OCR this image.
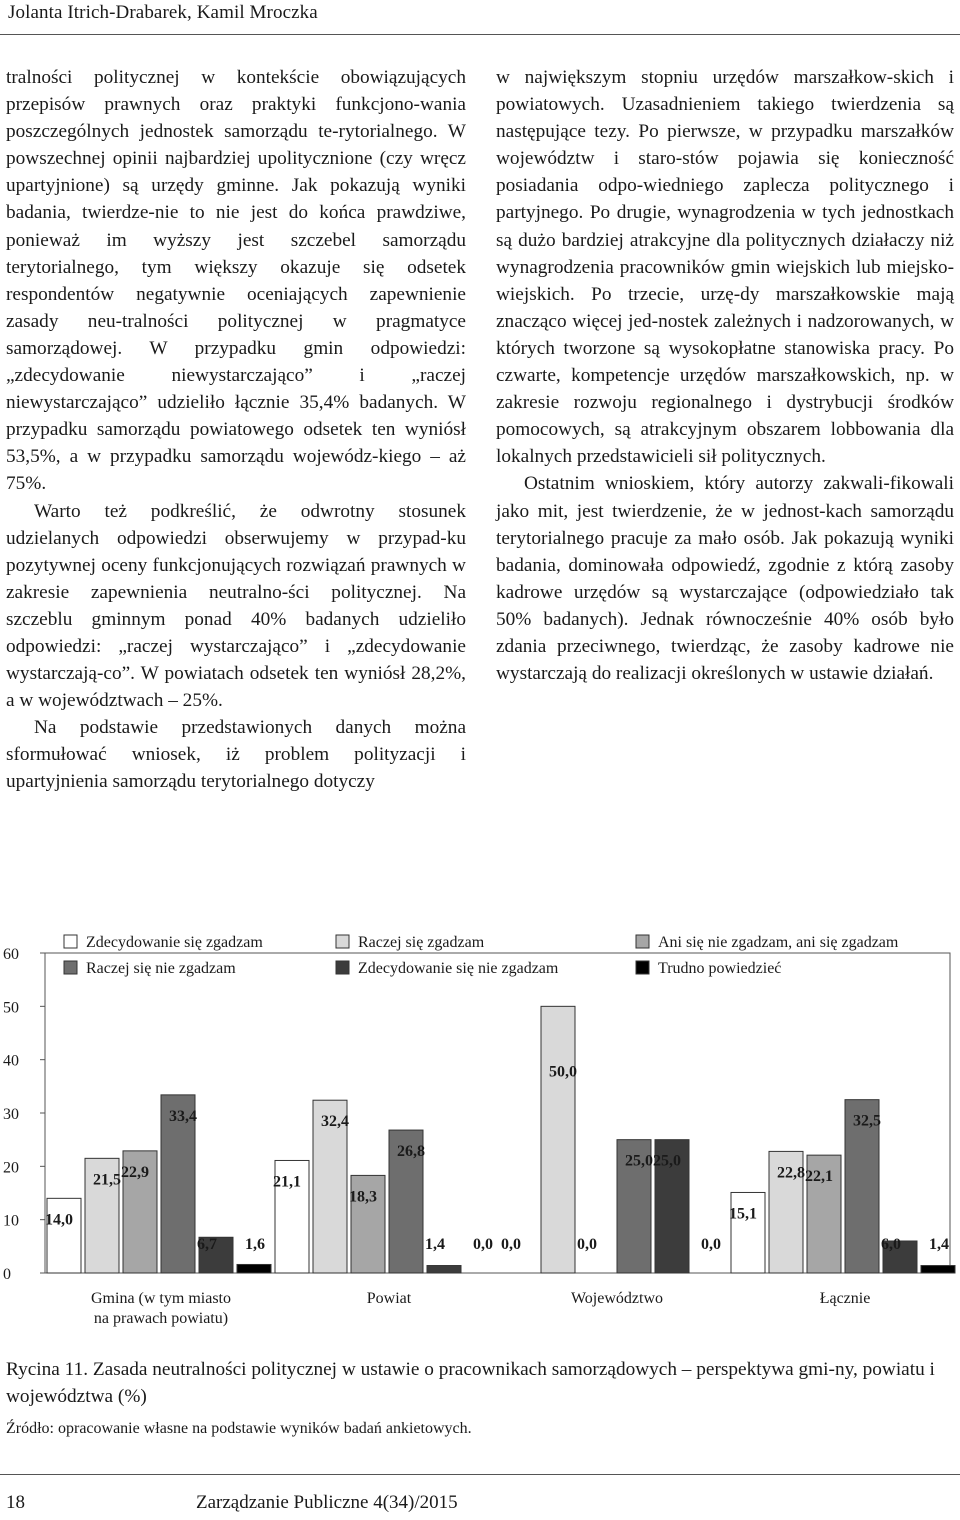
Jolanta Itrich-Drabarek, Kamil Mroczka

tralności politycznej w kontekście obowiązujących przepisów prawnych oraz praktyki funkcjono-wania poszczególnych jednostek samorządu te-rytorialnego. W powszechnej opinii najbardziej upolitycznione (czy wręcz upartyjnione) są urzędy gminne. Jak pokazują wyniki badania, twierdze-nie to nie jest do końca prawdziwe, ponieważ im wyższy jest szczebel samorządu terytorialnego, tym większy okazuje się odsetek respondentów negatywnie oceniających zapewnienie zasady neu-tralności politycznej w pragmatyce samorządowej. W przypadku gmin odpowiedzi: „zdecydowanie niewystarczająco” i „raczej niewystarczająco” udzieliło łącznie 35,4% badanych. W przypadku samorządu powiatowego odsetek ten wyniósł 53,5%, a w przypadku samorządu wojewódz-kiego – aż 75%.

Warto też podkreślić, że odwrotny stosunek udzielanych odpowiedzi obserwujemy w przypad-ku pozytywnej oceny funkcjonujących rozwiązań prawnych w zakresie zapewnienia neutralno-ści politycznej. Na szczeblu gminnym ponad 40% badanych udzieliło odpowiedzi: „raczej wystarczająco” i „zdecydowanie wystarczają-co”. W powiatach odsetek ten wyniósł 28,2%, a w województwach – 25%.

Na podstawie przedstawionych danych można sformułować wniosek, iż problem polityzacji i upartyjnienia samorządu terytorialnego dotyczy

w największym stopniu urzędów marszałkow-skich i powiatowych. Uzasadnieniem takiego twierdzenia są następujące tezy. Po pierwsze, w przypadku marszałków województw i staro-stów pojawia się konieczność posiadania odpo-wiedniego zaplecza politycznego i partyjnego. Po drugie, wynagrodzenia w tych jednostkach są dużo bardziej atrakcyjne dla politycznych działaczy niż wynagrodzenia pracowników gmin wiejskich lub miejsko-wiejskich. Po trzecie, urzę-dy marszałkowskie mają znacząco więcej jed-nostek zależnych i nadzorowanych, w których tworzone są wysokopłatne stanowiska pracy. Po czwarte, kompetencje urzędów marszałkowskich, np. w zakresie rozwoju regionalnego i dystrybucji środków pomocowych, są atrakcyjnym obszarem lobbowania dla lokalnych przedstawicieli sił politycznych.

Ostatnim wnioskiem, który autorzy zakwali-fikowali jako mit, jest twierdzenie, że w jednost-kach samorządu terytorialnego pracuje za mało osób. Jak pokazują wyniki badania, dominowała odpowiedź, zgodnie z którą zasoby kadrowe urzędów są wystarczające (odpowiedziało tak 50% badanych). Jednak równocześnie 40% osób było zdania przeciwnego, twierdząc, że zasoby kadrowe nie wystarczają do realizacji określonych w ustawie działań.

0
10
20
30
40
50
60
14,0
21,5 22,9
33,4
6,7 1,6
Gmina (w tym miasto
na prawach powiatu)
21,1
32,4
18,3
26,8
1,4 0,0
Powiat
0,0
50,0
0,0
25,0 25,0
0,0
Województwo
15,1
22,8 22,1
32,5
6,0 1,4
Łącznie
Zdecydowanie się zgadzam	Raczej się zgadzam	Ani się nie zgadzam, ani się zgadzam
Raczej się nie zgadzam	Zdecydowanie się nie zgadzam	Trudno powiedzieć
Rycina 11. Zasada neutralności politycznej w ustawie o pracownikach samorządowych – perspektywa gmi-ny, powiatu i województwa (%)
Źródło: opracowanie własne na podstawie wyników badań ankietowych.
18	Zarządzanie Publiczne 4(34)/2015
